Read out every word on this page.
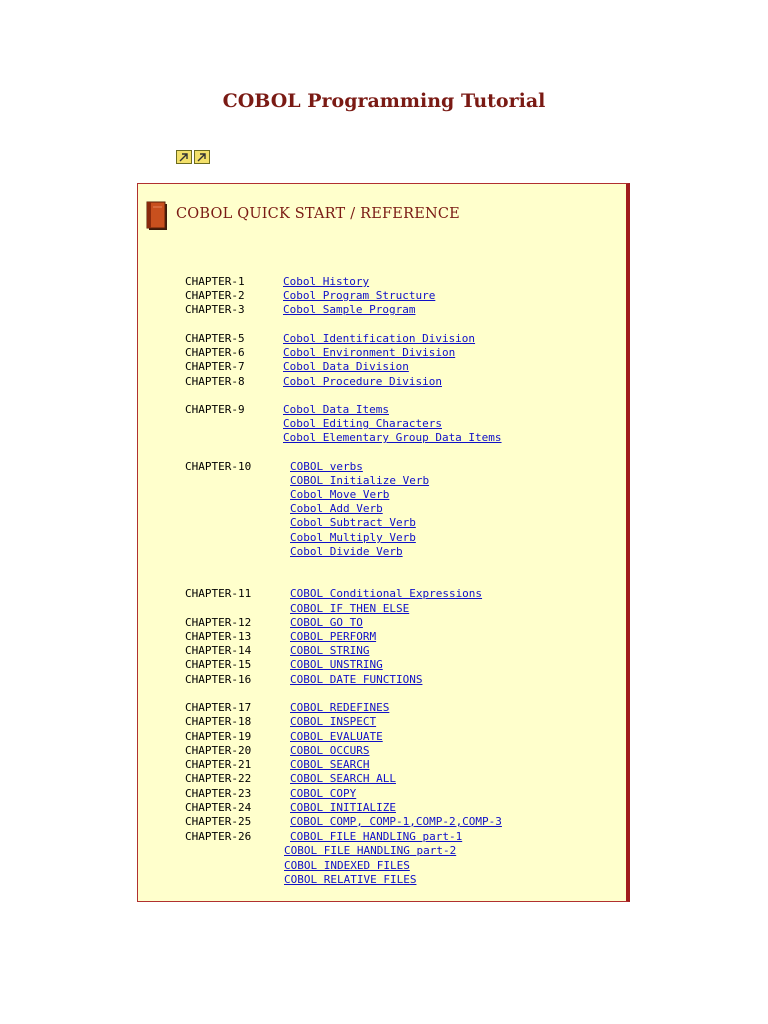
COBOL Programming Tutorial
COBOL QUICK START / REFERENCE
CHAPTER-1	Cobol History
CHAPTER-2	Cobol Program Structure
CHAPTER-3	Cobol Sample Program
CHAPTER-5	Cobol Identification Division
CHAPTER-6	Cobol Environment Division
CHAPTER-7	Cobol Data Division
CHAPTER-8	Cobol Procedure Division
CHAPTER-9	Cobol Data Items
Cobol Editing Characters
Cobol Elementary Group Data Items
CHAPTER-10	COBOL verbs
COBOL Initialize Verb
Cobol Move Verb
Cobol Add Verb
Cobol Subtract Verb
Cobol Multiply Verb
Cobol Divide Verb
CHAPTER-11	COBOL Conditional Expressions
COBOL IF THEN ELSE
CHAPTER-12	COBOL GO TO
CHAPTER-13	COBOL PERFORM
CHAPTER-14	COBOL STRING
CHAPTER-15	COBOL UNSTRING
CHAPTER-16	COBOL DATE FUNCTIONS
CHAPTER-17	COBOL REDEFINES
CHAPTER-18	COBOL INSPECT
CHAPTER-19	COBOL EVALUATE
CHAPTER-20	COBOL OCCURS
CHAPTER-21	COBOL SEARCH
CHAPTER-22	COBOL SEARCH ALL
CHAPTER-23	COBOL COPY
CHAPTER-24	COBOL INITIALIZE
CHAPTER-25	COBOL COMP, COMP-1,COMP-2,COMP-3
CHAPTER-26	COBOL FILE HANDLING part-1
COBOL FILE HANDLING part-2
COBOL INDEXED FILES
COBOL RELATIVE FILES
